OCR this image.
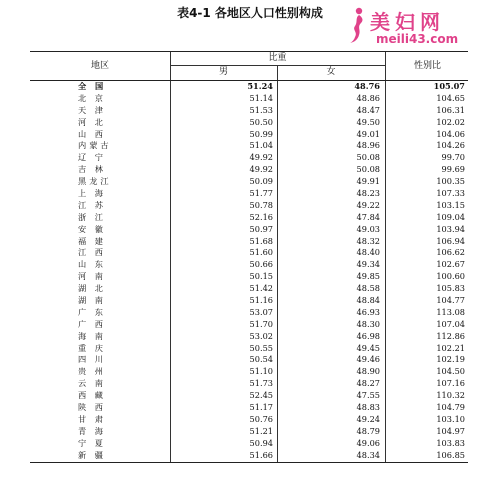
表4-1 各地区人口性别构成	美妇网
meili43.com
地区
比重
男	女
性别比
全 国	51.24	48.76	105.07
北 京	51.14	48.86	104.65
天 津	51.53	48.47	106.31
河 北	50.50	49.50	102.02
山 西	50.99	49.01	104.06
内蒙古	51.04	48.96	104.26
辽 宁	49.92	50.08	99.70
吉 林	49.92	50.08	99.69
黑龙江	50.09	49.91	100.35
上 海	51.77	48.23	107.33
江 苏	50.78	49.22	103.15
浙 江	52.16	47.84	109.04
安 徽	50.97	49.03	103.94
福 建	51.68	48.32	106.94
江 西	51.60	48.40	106.62
山 东	50.66	49.34	102.67
河 南	50.15	49.85	100.60
湖 北	51.42	48.58	105.83
湖 南	51.16	48.84	104.77
广 东	53.07	46.93	113.08
广 西	51.70	48.30	107.04
海 南	53.02	46.98	112.86
重 庆	50.55	49.45	102.21
四 川	50.54	49.46	102.19
贵 州	51.10	48.90	104.50
云 南	51.73	48.27	107.16
西 藏	52.45	47.55	110.32
陕 西	51.17	48.83	104.79
甘 肃	50.76	49.24	103.10
青 海	51.21	48.79	104.97
宁 夏	50.94	49.06	103.83
新 疆	51.66	48.34	106.85
